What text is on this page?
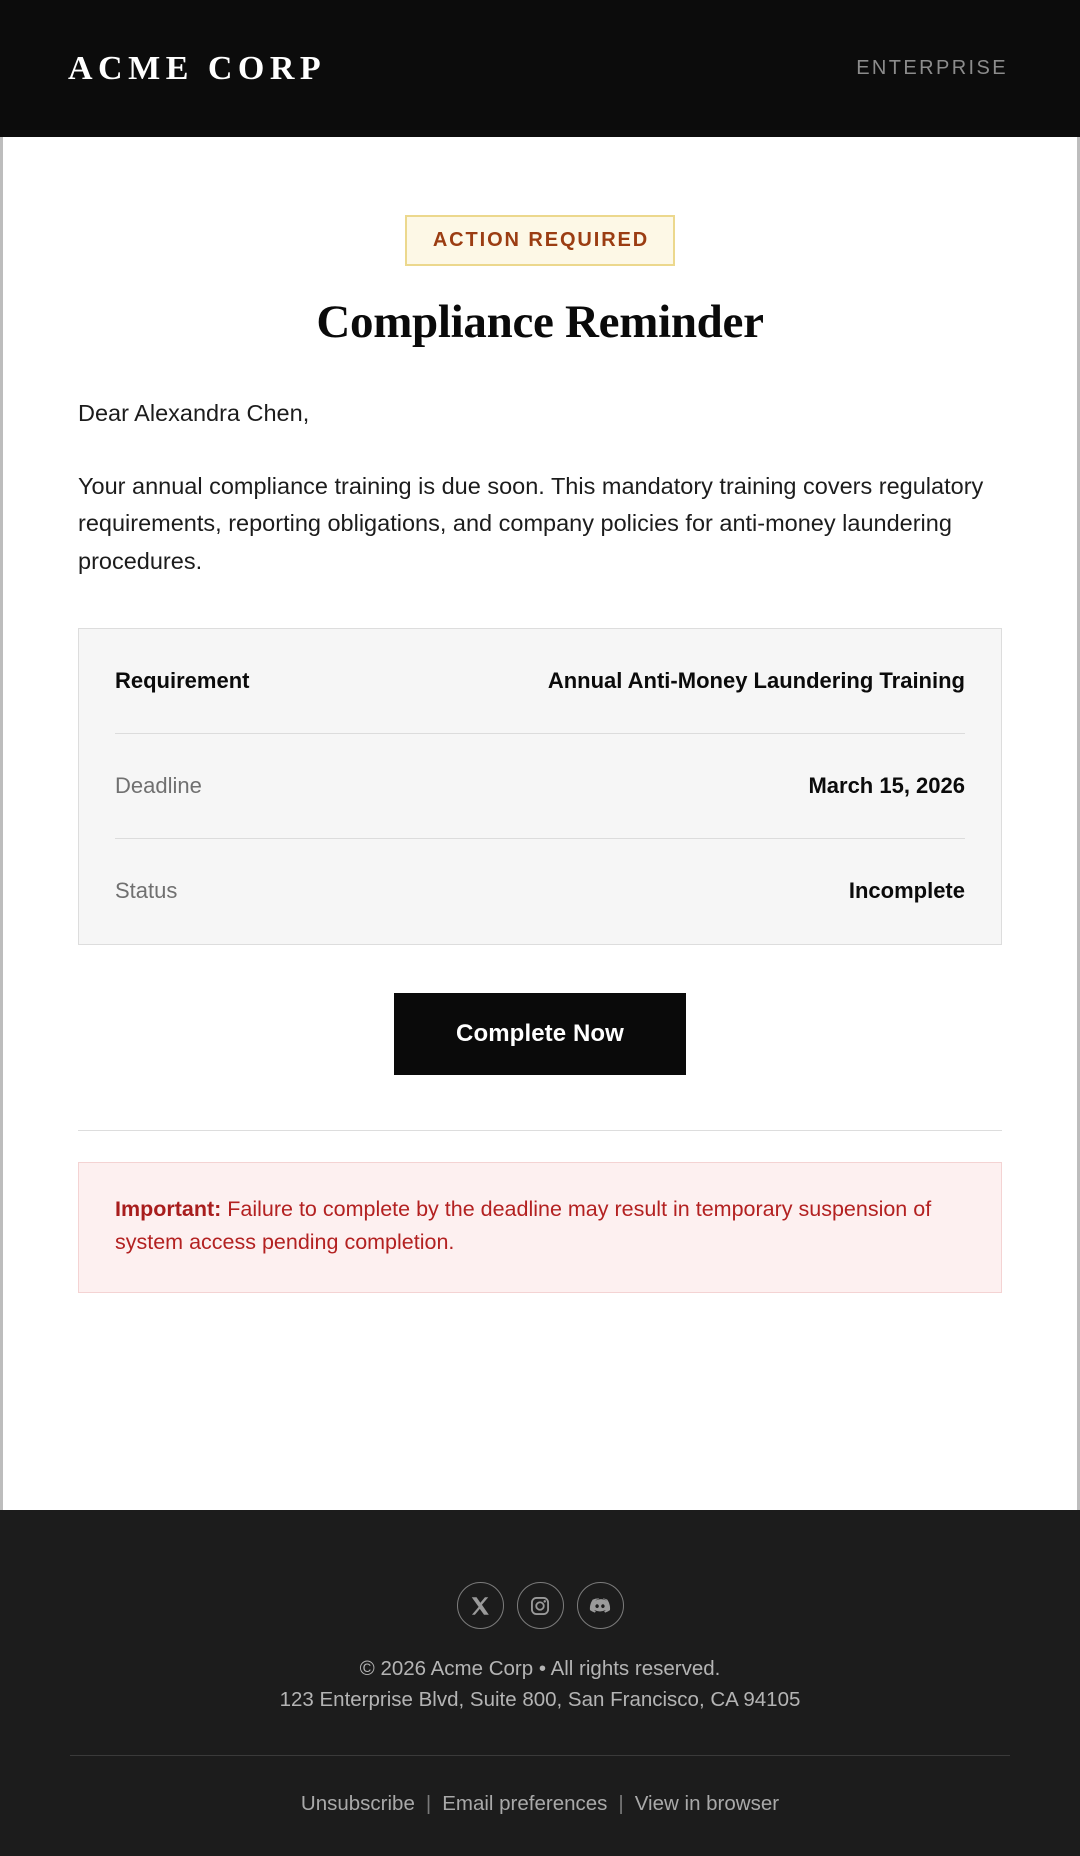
ACME CORP	ENTERPRISE
ACTION REQUIRED
Compliance Reminder

Dear Alexandra Chen,

Your annual compliance training is due soon. This mandatory training covers regulatory requirements, reporting obligations, and company policies for anti-money laundering procedures.

Requirement	Annual Anti-Money Laundering Training
Deadline	March 15, 2026
Status	Incomplete
Complete Now

Important: Failure to complete by the deadline may result in temporary suspension of system access pending completion.

© 2026 Acme Corp • All rights reserved.
123 Enterprise Blvd, Suite 800, San Francisco, CA 94105
Unsubscribe | Email preferences | View in browser
